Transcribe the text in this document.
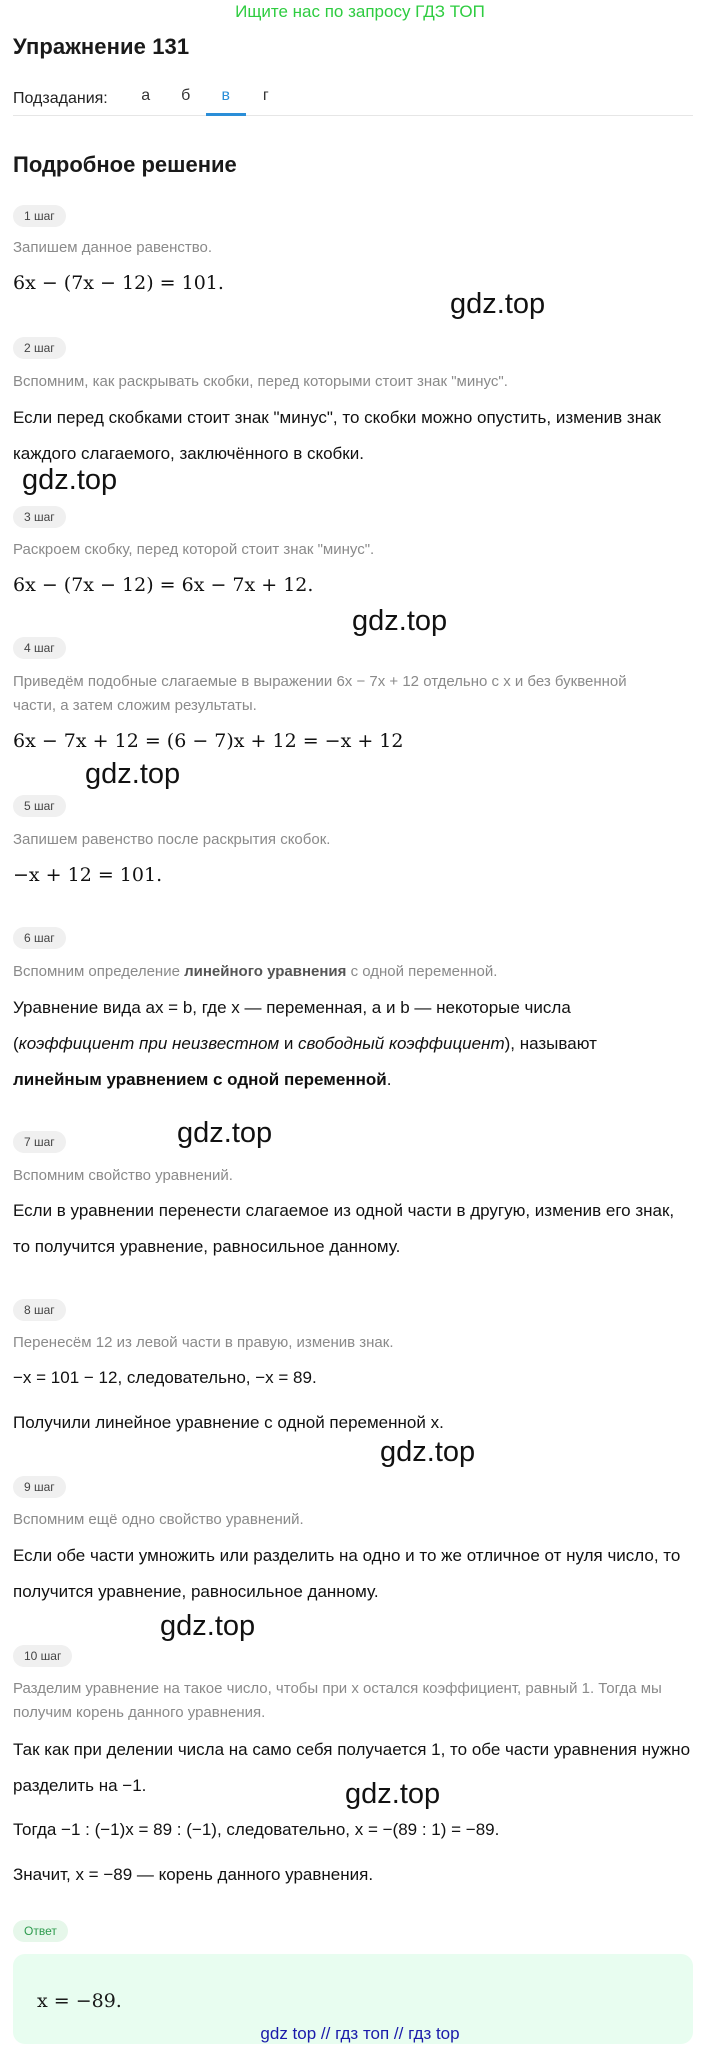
Ищите нас по запросу ГДЗ ТОП
Упражнение 131
Подзадания:	а	б	в	г
Подробное решение
1 шаг
Запишем данное равенство.
6x − (7x − 12) = 101.
gdz.top
2 шаг
Вспомним, как раскрывать скобки, перед которыми стоит знак "минус".
Если перед скобками стоит знак "минус", то скобки можно опустить, изменив знак каждого слагаемого, заключённого в скобки.
gdz.top
3 шаг
Раскроем скобку, перед которой стоит знак "минус".
6x − (7x − 12) = 6x − 7x + 12.
gdz.top
4 шаг
Приведём подобные слагаемые в выражении 6x − 7x + 12 отдельно с x и без буквенной части, а затем сложим результаты.
6x − 7x + 12 = (6 − 7)x + 12 = −x + 12
gdz.top
5 шаг
Запишем равенство после раскрытия скобок.
−x + 12 = 101.
6 шаг
Вспомним определение линейного уравнения с одной переменной.
Уравнение вида ax = b, где x — переменная, a и b — некоторые числа
(коэффициент при неизвестном и свободный коэффициент), называют
линейным уравнением с одной переменной.
gdz.top
7 шаг
Вспомним свойство уравнений.
Если в уравнении перенести слагаемое из одной части в другую, изменив его знак, то получится уравнение, равносильное данному.
8 шаг
Перенесём 12 из левой части в правую, изменив знак.
−x = 101 − 12, следовательно, −x = 89.
Получили линейное уравнение с одной переменной x.
gdz.top
9 шаг
Вспомним ещё одно свойство уравнений.
Если обе части умножить или разделить на одно и то же отличное от нуля число, то получится уравнение, равносильное данному.
gdz.top
10 шаг
Разделим уравнение на такое число, чтобы при x остался коэффициент, равный 1. Тогда мы получим корень данного уравнения.
Так как при делении числа на само себя получается 1, то обе части уравнения нужно разделить на −1.	gdz.top
Тогда −1 : (−1)x = 89 : (−1), следовательно, x = −(89 : 1) = −89.
Значит, x = −89 — корень данного уравнения.
Ответ
x = −89.
gdz top // гдз топ // гдз top
